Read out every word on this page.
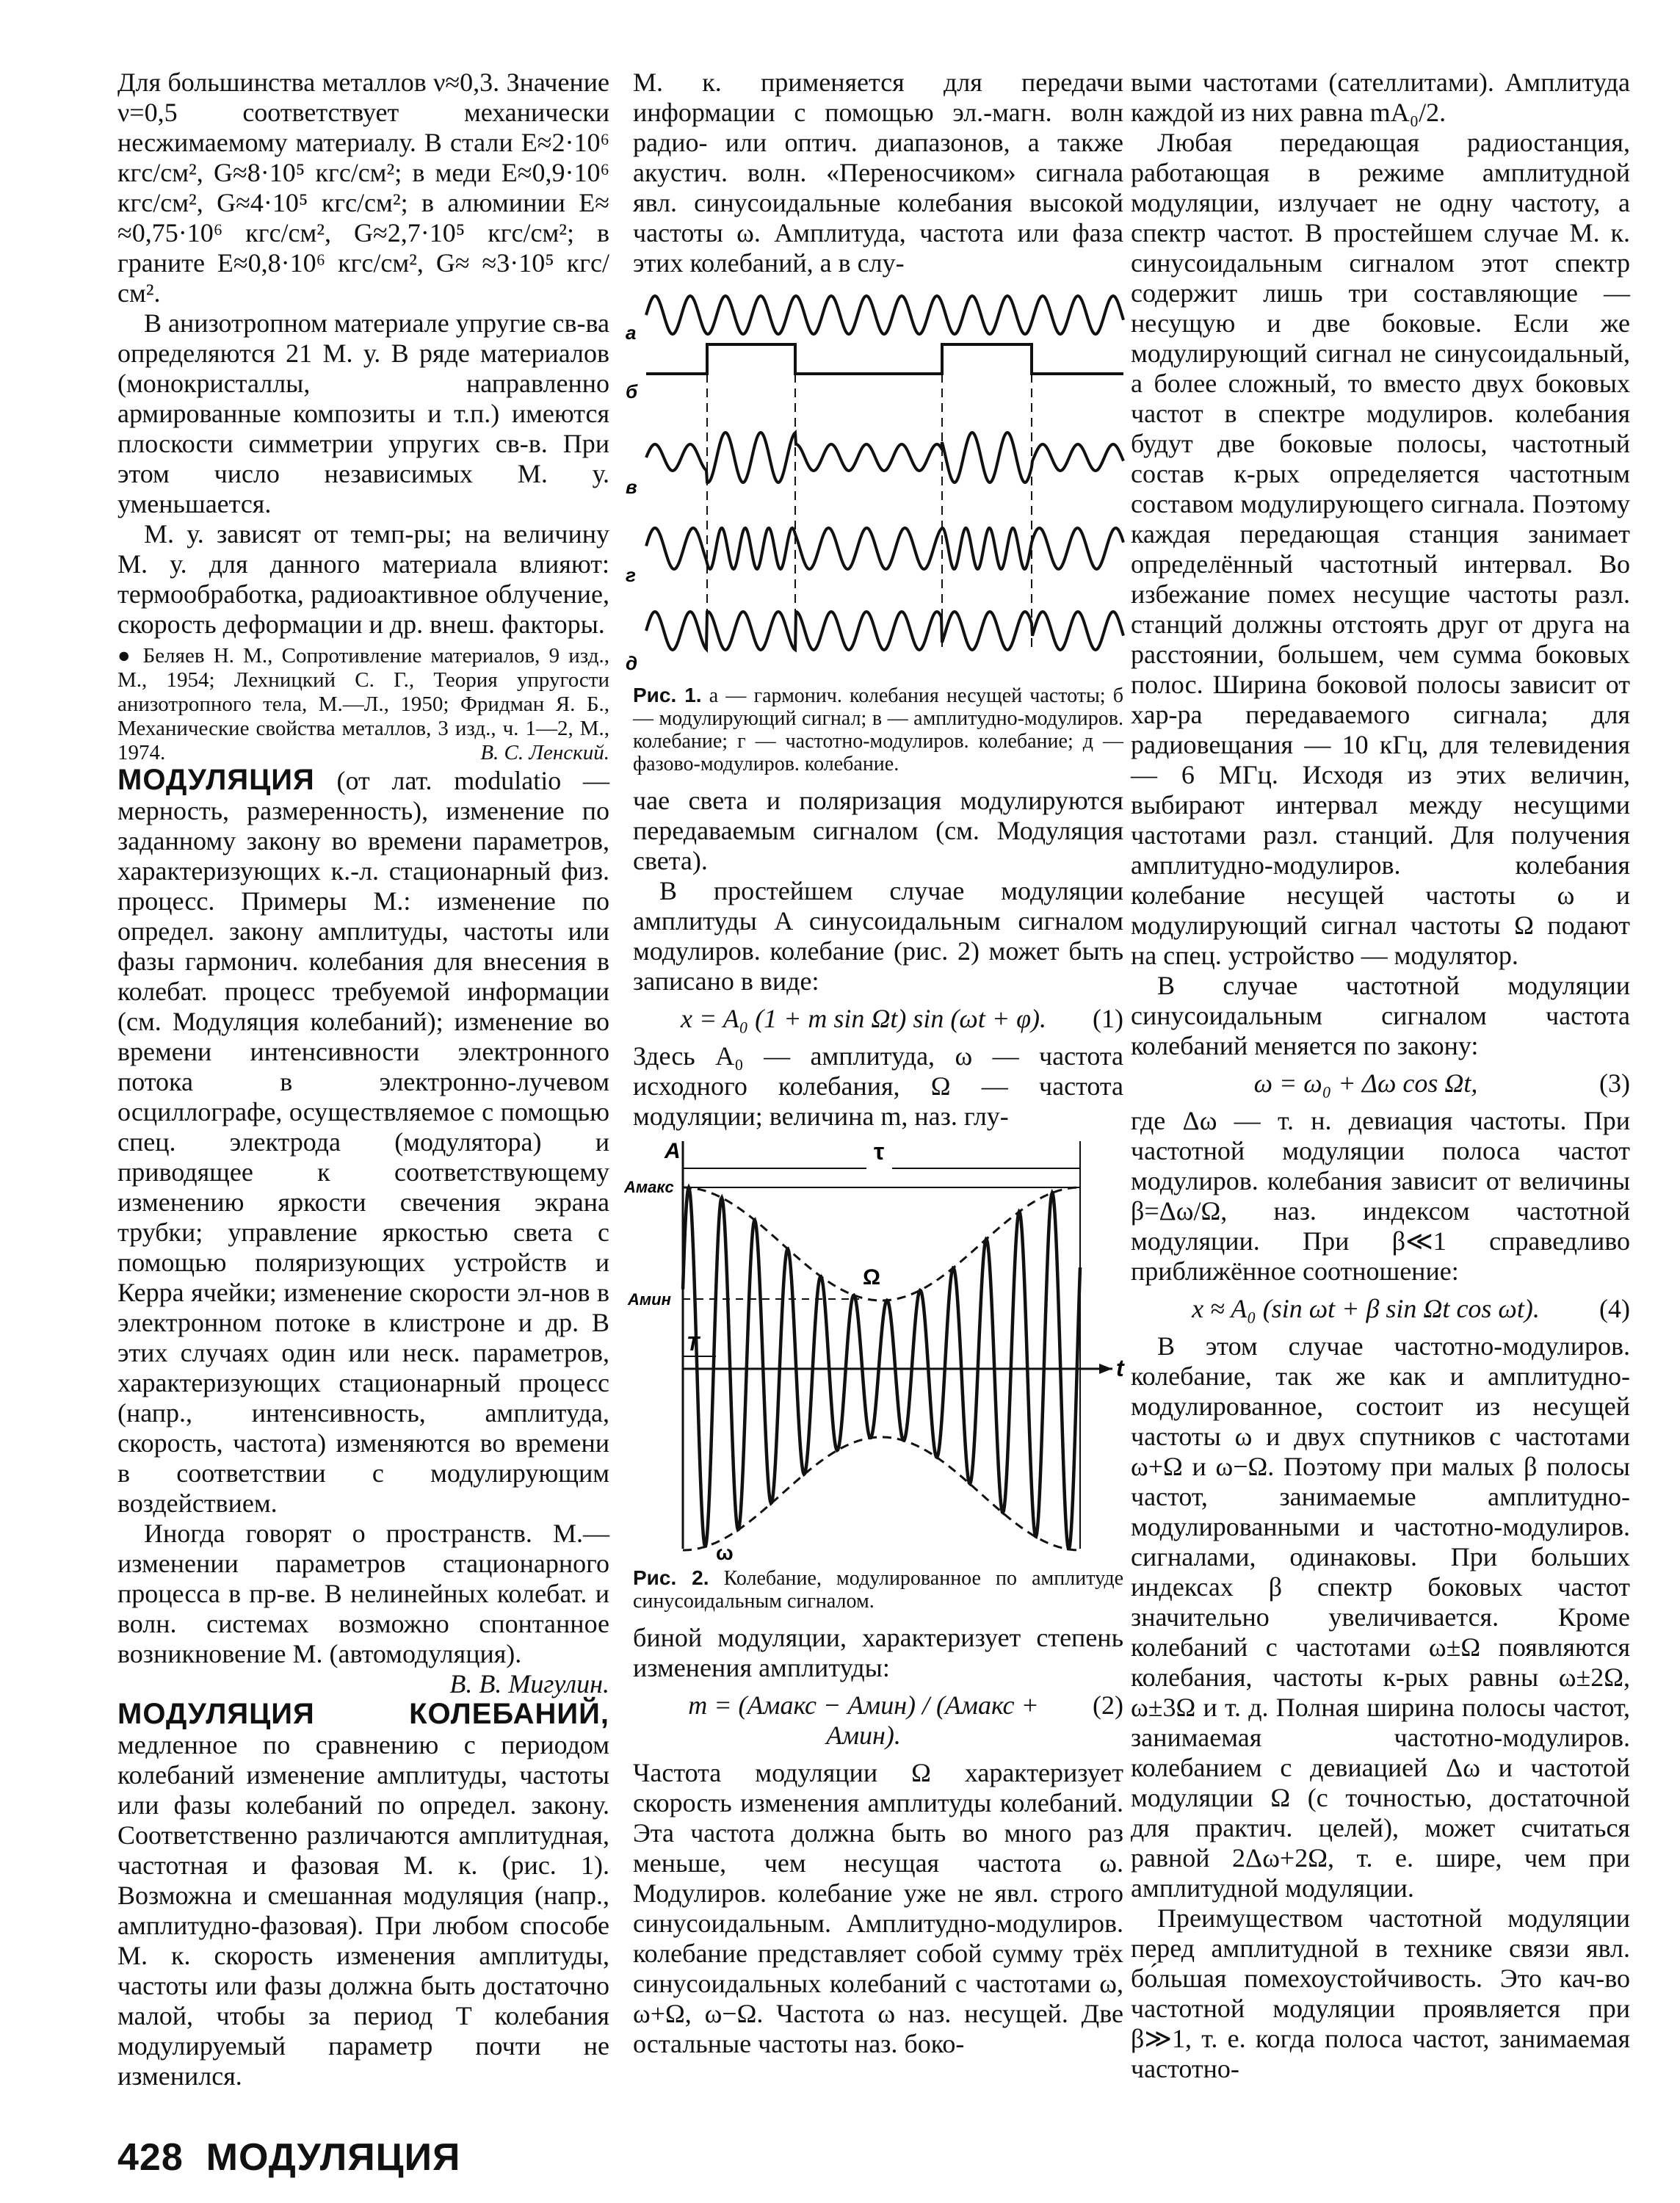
Для большинства металлов ν≈0,3. Значение ν=0,5 соответствует механически несжимаемому материалу. В стали E≈2·10⁶ кгс/см², G≈8·10⁵ кгс/см²; в меди E≈0,9·10⁶ кгс/см², G≈4·10⁵ кгс/см²; в алюминии E≈ ≈0,75·10⁶ кгс/см², G≈2,7·10⁵ кгс/см²; в граните E≈0,8·10⁶ кгс/см², G≈ ≈3·10⁵ кгс/см².

В анизотропном материале упругие св-ва определяются 21 М. у. В ряде материалов (монокристаллы, направленно армированные композиты и т.п.) имеются плоскости симметрии упругих св-в. При этом число независимых М. у. уменьшается.

М. у. зависят от темп-ры; на величину М. у. для данного материала влияют: термообработка, радиоактивное облучение, скорость деформации и др. внеш. факторы.

● Беляев Н. М., Сопротивление материалов, 9 изд., М., 1954; Лехницкий С. Г., Теория упругости анизотропного тела, М.—Л., 1950; Фридман Я. Б., Механические свойства металлов, 3 изд., ч. 1—2, М., 1974.	В. С. Ленский.

МОДУЛЯЦИЯ (от лат. modulatio — мерность, размеренность), изменение по заданному закону во времени параметров, характеризующих к.-л. стационарный физ. процесс. Примеры М.: изменение по определ. закону амплитуды, частоты или фазы гармонич. колебания для внесения в колебат. процесс требуемой информации (см. Модуляция колебаний); изменение во времени интенсивности электронного потока в электронно-лучевом осциллографе, осуществляемое с помощью спец. электрода (модулятора) и приводящее к соответствующему изменению яркости свечения экрана трубки; управление яркостью света с помощью поляризующих устройств и Керра ячейки; изменение скорости эл-нов в электронном потоке в клистроне и др. В этих случаях один или неск. параметров, характеризующих стационарный процесс (напр., интенсивность, амплитуда, скорость, частота) изменяются во времени в соответствии с модулирующим воздействием.

Иногда говорят о пространств. М.— изменении параметров стационарного процесса в пр-ве. В нелинейных колебат. и волн. системах возможно спонтанное возникновение М. (автомодуляция).
В. В. Мигулин.

МОДУЛЯЦИЯ КОЛЕБАНИЙ, медленное по сравнению с периодом колебаний изменение амплитуды, частоты или фазы колебаний по определ. закону. Соответственно различаются амплитудная, частотная и фазовая М. к. (рис. 1). Возможна и смешанная модуляция (напр., амплитудно-фазовая). При любом способе М. к. скорость изменения амплитуды, частоты или фазы должна быть достаточно малой, чтобы за период T колебания модулируемый параметр почти не изменился.

428 МОДУЛЯЦИЯ

М. к. применяется для передачи информации с помощью эл.-магн. волн радио- или оптич. диапазонов, а также акустич. волн. «Переносчиком» сигнала явл. синусоидальные колебания высокой частоты ω. Амплитуда, частота или фаза этих колебаний, а в слу-

а
б
в
г
д
Рис. 1. а — гармонич. колебания несущей частоты; б — модулирующий сигнал; в — амплитудно-модулиров. колебание; г — частотно-модулиров. колебание; д — фазово-модулиров. колебание.

чае света и поляризация модулируются передаваемым сигналом (см. Модуляция света).

В простейшем случае модуляции амплитуды A синусоидальным сигналом модулиров. колебание (рис. 2) может быть записано в виде:

x = A₀ (1 + m sin Ωt) sin (ωt + φ). (1)

Здесь A₀ — амплитуда, ω — частота исходного колебания, Ω — частота модуляции; величина m, наз. глу-

A	τ
Aмакс
Aмин
Ω
T
t
ω
Рис. 2. Колебание, модулированное по амплитуде синусоидальным сигналом.

биной модуляции, характеризует степень изменения амплитуды:

m = (Aмакс − Aмин) / (Aмакс + Aмин).
(2)

Частота модуляции Ω характеризует скорость изменения амплитуды колебаний. Эта частота должна быть во много раз меньше, чем несущая частота ω. Модулиров. колебание уже не явл. строго синусоидальным. Амплитудно-модулиров. колебание представляет собой сумму трёх синусоидальных колебаний с частотами ω, ω+Ω, ω−Ω. Частота ω наз. несущей. Две остальные частоты наз. боко-

выми частотами (сателлитами). Амплитуда каждой из них равна mA₀/2.

Любая передающая радиостанция, работающая в режиме амплитудной модуляции, излучает не одну частоту, а спектр частот. В простейшем случае М. к. синусоидальным сигналом этот спектр содержит лишь три составляющие — несущую и две боковые. Если же модулирующий сигнал не синусоидальный, а более сложный, то вместо двух боковых частот в спектре модулиров. колебания будут две боковые полосы, частотный состав к-рых определяется частотным составом модулирующего сигнала. Поэтому каждая передающая станция занимает определённый частотный интервал. Во избежание помех несущие частоты разл. станций должны отстоять друг от друга на расстоянии, большем, чем сумма боковых полос. Ширина боковой полосы зависит от хар-ра передаваемого сигнала; для радиовещания — 10 кГц, для телевидения — 6 МГц. Исходя из этих величин, выбирают интервал между несущими частотами разл. станций. Для получения амплитудно-модулиров. колебания колебание несущей частоты ω и модулирующий сигнал частоты Ω подают на спец. устройство — модулятор.

В случае частотной модуляции синусоидальным сигналом частота колебаний меняется по закону:

ω = ω₀ + Δω cos Ωt,	(3)

где Δω — т. н. девиация частоты. При частотной модуляции полоса частот модулиров. колебания зависит от величины β=Δω/Ω, наз. индексом частотной модуляции. При β≪1 справедливо приближённое соотношение:

x ≈ A₀ (sin ωt + β sin Ωt cos ωt). (4)

В этом случае частотно-модулиров. колебание, так же как и амплитудно-модулированное, состоит из несущей частоты ω и двух спутников с частотами ω+Ω и ω−Ω. Поэтому при малых β полосы частот, занимаемые амплитудно-модулированными и частотно-модулиров. сигналами, одинаковы. При больших индексах β спектр боковых частот значительно увеличивается. Кроме колебаний с частотами ω±Ω появляются колебания, частоты к-рых равны ω±2Ω, ω±3Ω и т. д. Полная ширина полосы частот, занимаемая частотно-модулиров. колебанием с девиацией Δω и частотой модуляции Ω (с точностью, достаточной для практич. целей), может считаться равной 2Δω+2Ω, т. е. шире, чем при амплитудной модуляции.

Преимуществом частотной модуляции перед амплитудной в технике связи явл. бо́льшая помехоустойчивость. Это кач-во частотной модуляции проявляется при β≫1, т. е. когда полоса частот, занимаемая частотно-
